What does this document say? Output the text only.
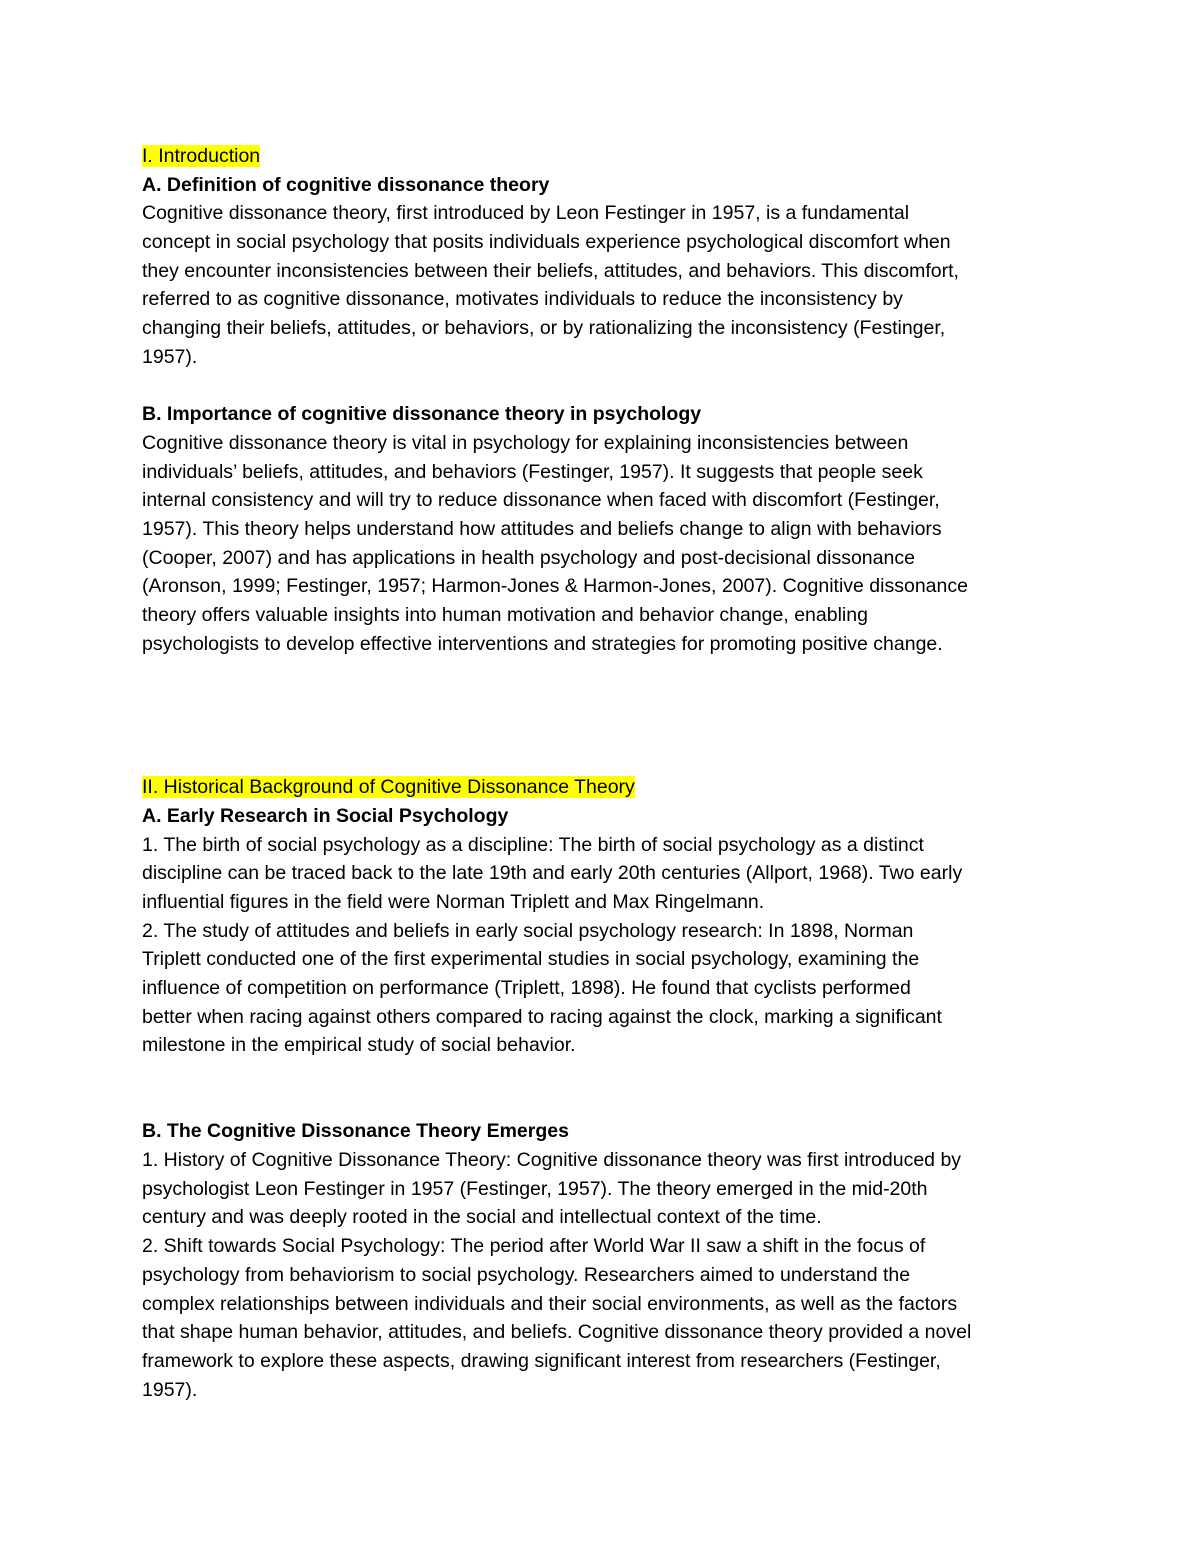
I. Introduction
A. Definition of cognitive dissonance theory
Cognitive dissonance theory, first introduced by Leon Festinger in 1957, is a fundamental
concept in social psychology that posits individuals experience psychological discomfort when
they encounter inconsistencies between their beliefs, attitudes, and behaviors. This discomfort,
referred to as cognitive dissonance, motivates individuals to reduce the inconsistency by
changing their beliefs, attitudes, or behaviors, or by rationalizing the inconsistency (Festinger,
1957).
B. Importance of cognitive dissonance theory in psychology
Cognitive dissonance theory is vital in psychology for explaining inconsistencies between
individuals’ beliefs, attitudes, and behaviors (Festinger, 1957). It suggests that people seek
internal consistency and will try to reduce dissonance when faced with discomfort (Festinger,
1957). This theory helps understand how attitudes and beliefs change to align with behaviors
(Cooper, 2007) and has applications in health psychology and post-decisional dissonance
(Aronson, 1999; Festinger, 1957; Harmon-Jones & Harmon-Jones, 2007). Cognitive dissonance
theory offers valuable insights into human motivation and behavior change, enabling
psychologists to develop effective interventions and strategies for promoting positive change.
II. Historical Background of Cognitive Dissonance Theory
A. Early Research in Social Psychology
1. The birth of social psychology as a discipline: The birth of social psychology as a distinct
discipline can be traced back to the late 19th and early 20th centuries (Allport, 1968). Two early
influential figures in the field were Norman Triplett and Max Ringelmann.
2. The study of attitudes and beliefs in early social psychology research: In 1898, Norman
Triplett conducted one of the first experimental studies in social psychology, examining the
influence of competition on performance (Triplett, 1898). He found that cyclists performed
better when racing against others compared to racing against the clock, marking a significant
milestone in the empirical study of social behavior.
B. The Cognitive Dissonance Theory Emerges
1. History of Cognitive Dissonance Theory: Cognitive dissonance theory was first introduced by
psychologist Leon Festinger in 1957 (Festinger, 1957). The theory emerged in the mid-20th
century and was deeply rooted in the social and intellectual context of the time.
2. Shift towards Social Psychology: The period after World War II saw a shift in the focus of
psychology from behaviorism to social psychology. Researchers aimed to understand the
complex relationships between individuals and their social environments, as well as the factors
that shape human behavior, attitudes, and beliefs. Cognitive dissonance theory provided a novel
framework to explore these aspects, drawing significant interest from researchers (Festinger,
1957).
